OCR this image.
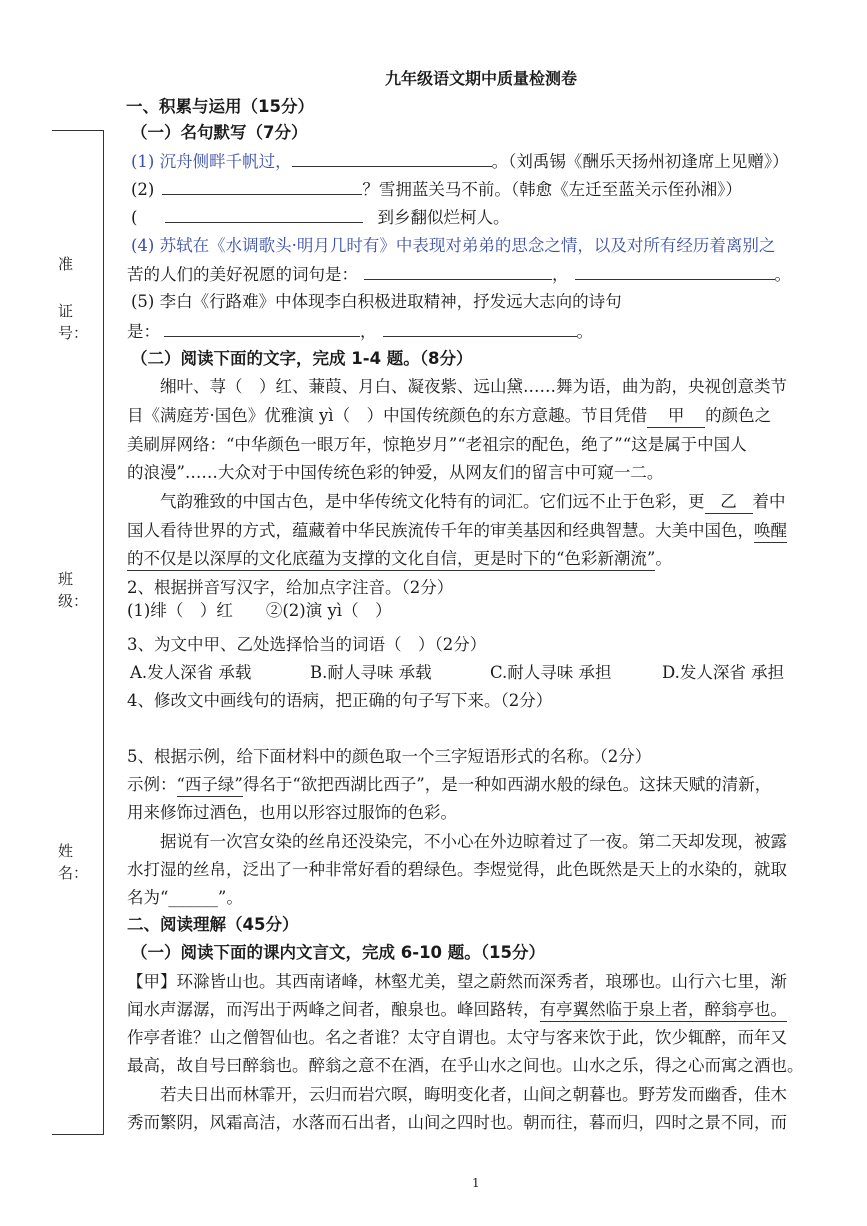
九年级语文期中质量检测卷
准
证
号：
班
级：
姓
名：
一、积累与运用（15分）
（一）名句默写（7分）
(1) 沉舟侧畔千帆过，	。（刘禹锡《酬乐天扬州初逢席上见赠》）
(2)	？雪拥蓝关马不前。（韩愈《左迁至蓝关示侄孙湘》）
(	到乡翻似烂柯人。
(4) 苏轼在《水调歌头·明月几时有》中表现对弟弟的思念之情，以及对所有经历着离别之
苦的人们的美好祝愿的词句是：	，	。
(5) 李白《行路难》中体现李白积极进取精神，抒发远大志向的诗句
是：	，	。
（二）阅读下面的文字，完成 1-4 题。（8分）
缃叶、荨（　）红、蒹葭、月白、凝夜紫、远山黛……舞为语，曲为韵，央视创意类节
目《满庭芳·国色》优雅演 yì（　）中国传统颜色的东方意趣。节目凭借 甲 的颜色之
美刷屏网络：“中华颜色一眼万年，惊艳岁月”“老祖宗的配色，绝了”“这是属于中国人
的浪漫”……大众对于中国传统色彩的钟爱，从网友们的留言中可窥一二。
气韵雅致的中国古色，是中华传统文化特有的词汇。它们远不止于色彩，更 乙 着中
国人看待世界的方式，蕴藏着中华民族流传千年的审美基因和经典智慧。大美中国色，唤醒
的不仅是以深厚的文化底蕴为支撑的文化自信，更是时下的“色彩新潮流”。
2、根据拼音写汉字，给加点字注音。（2分）
(1)绯（　）红　　②(2)演 yì（　）
3、为文中甲、乙处选择恰当的词语（　）（2分）
A.发人深省 承载	B.耐人寻味 承载	C.耐人寻味 承担	D.发人深省 承担
4、修改文中画线句的语病，把正确的句子写下来。（2分）
5、根据示例，给下面材料中的颜色取一个三字短语形式的名称。（2分）
示例：“西子绿”得名于“欲把西湖比西子”，是一种如西湖水般的绿色。这抹天赋的清新，
用来修饰过酒色，也用以形容过服饰的色彩。
据说有一次宫女染的丝帛还没染完，不小心在外边晾着过了一夜。第二天却发现，被露
水打湿的丝帛，泛出了一种非常好看的碧绿色。李煜觉得，此色既然是天上的水染的，就取
名为“______”。
二、阅读理解（45分）
（一）阅读下面的课内文言文，完成 6-10 题。（15分）
【甲】环滁皆山也。其西南诸峰，林壑尤美，望之蔚然而深秀者，琅琊也。山行六七里，渐
闻水声潺潺，而泻出于两峰之间者，酿泉也。峰回路转，有亭翼然临于泉上者，醉翁亭也。
作亭者谁？山之僧智仙也。名之者谁？太守自谓也。太守与客来饮于此，饮少辄醉，而年又
最高，故自号曰醉翁也。醉翁之意不在酒，在乎山水之间也。山水之乐，得之心而寓之酒也。
若夫日出而林霏开，云归而岩穴暝，晦明变化者，山间之朝暮也。野芳发而幽香，佳木
秀而繁阴，风霜高洁，水落而石出者，山间之四时也。朝而往，暮而归，四时之景不同，而
1
